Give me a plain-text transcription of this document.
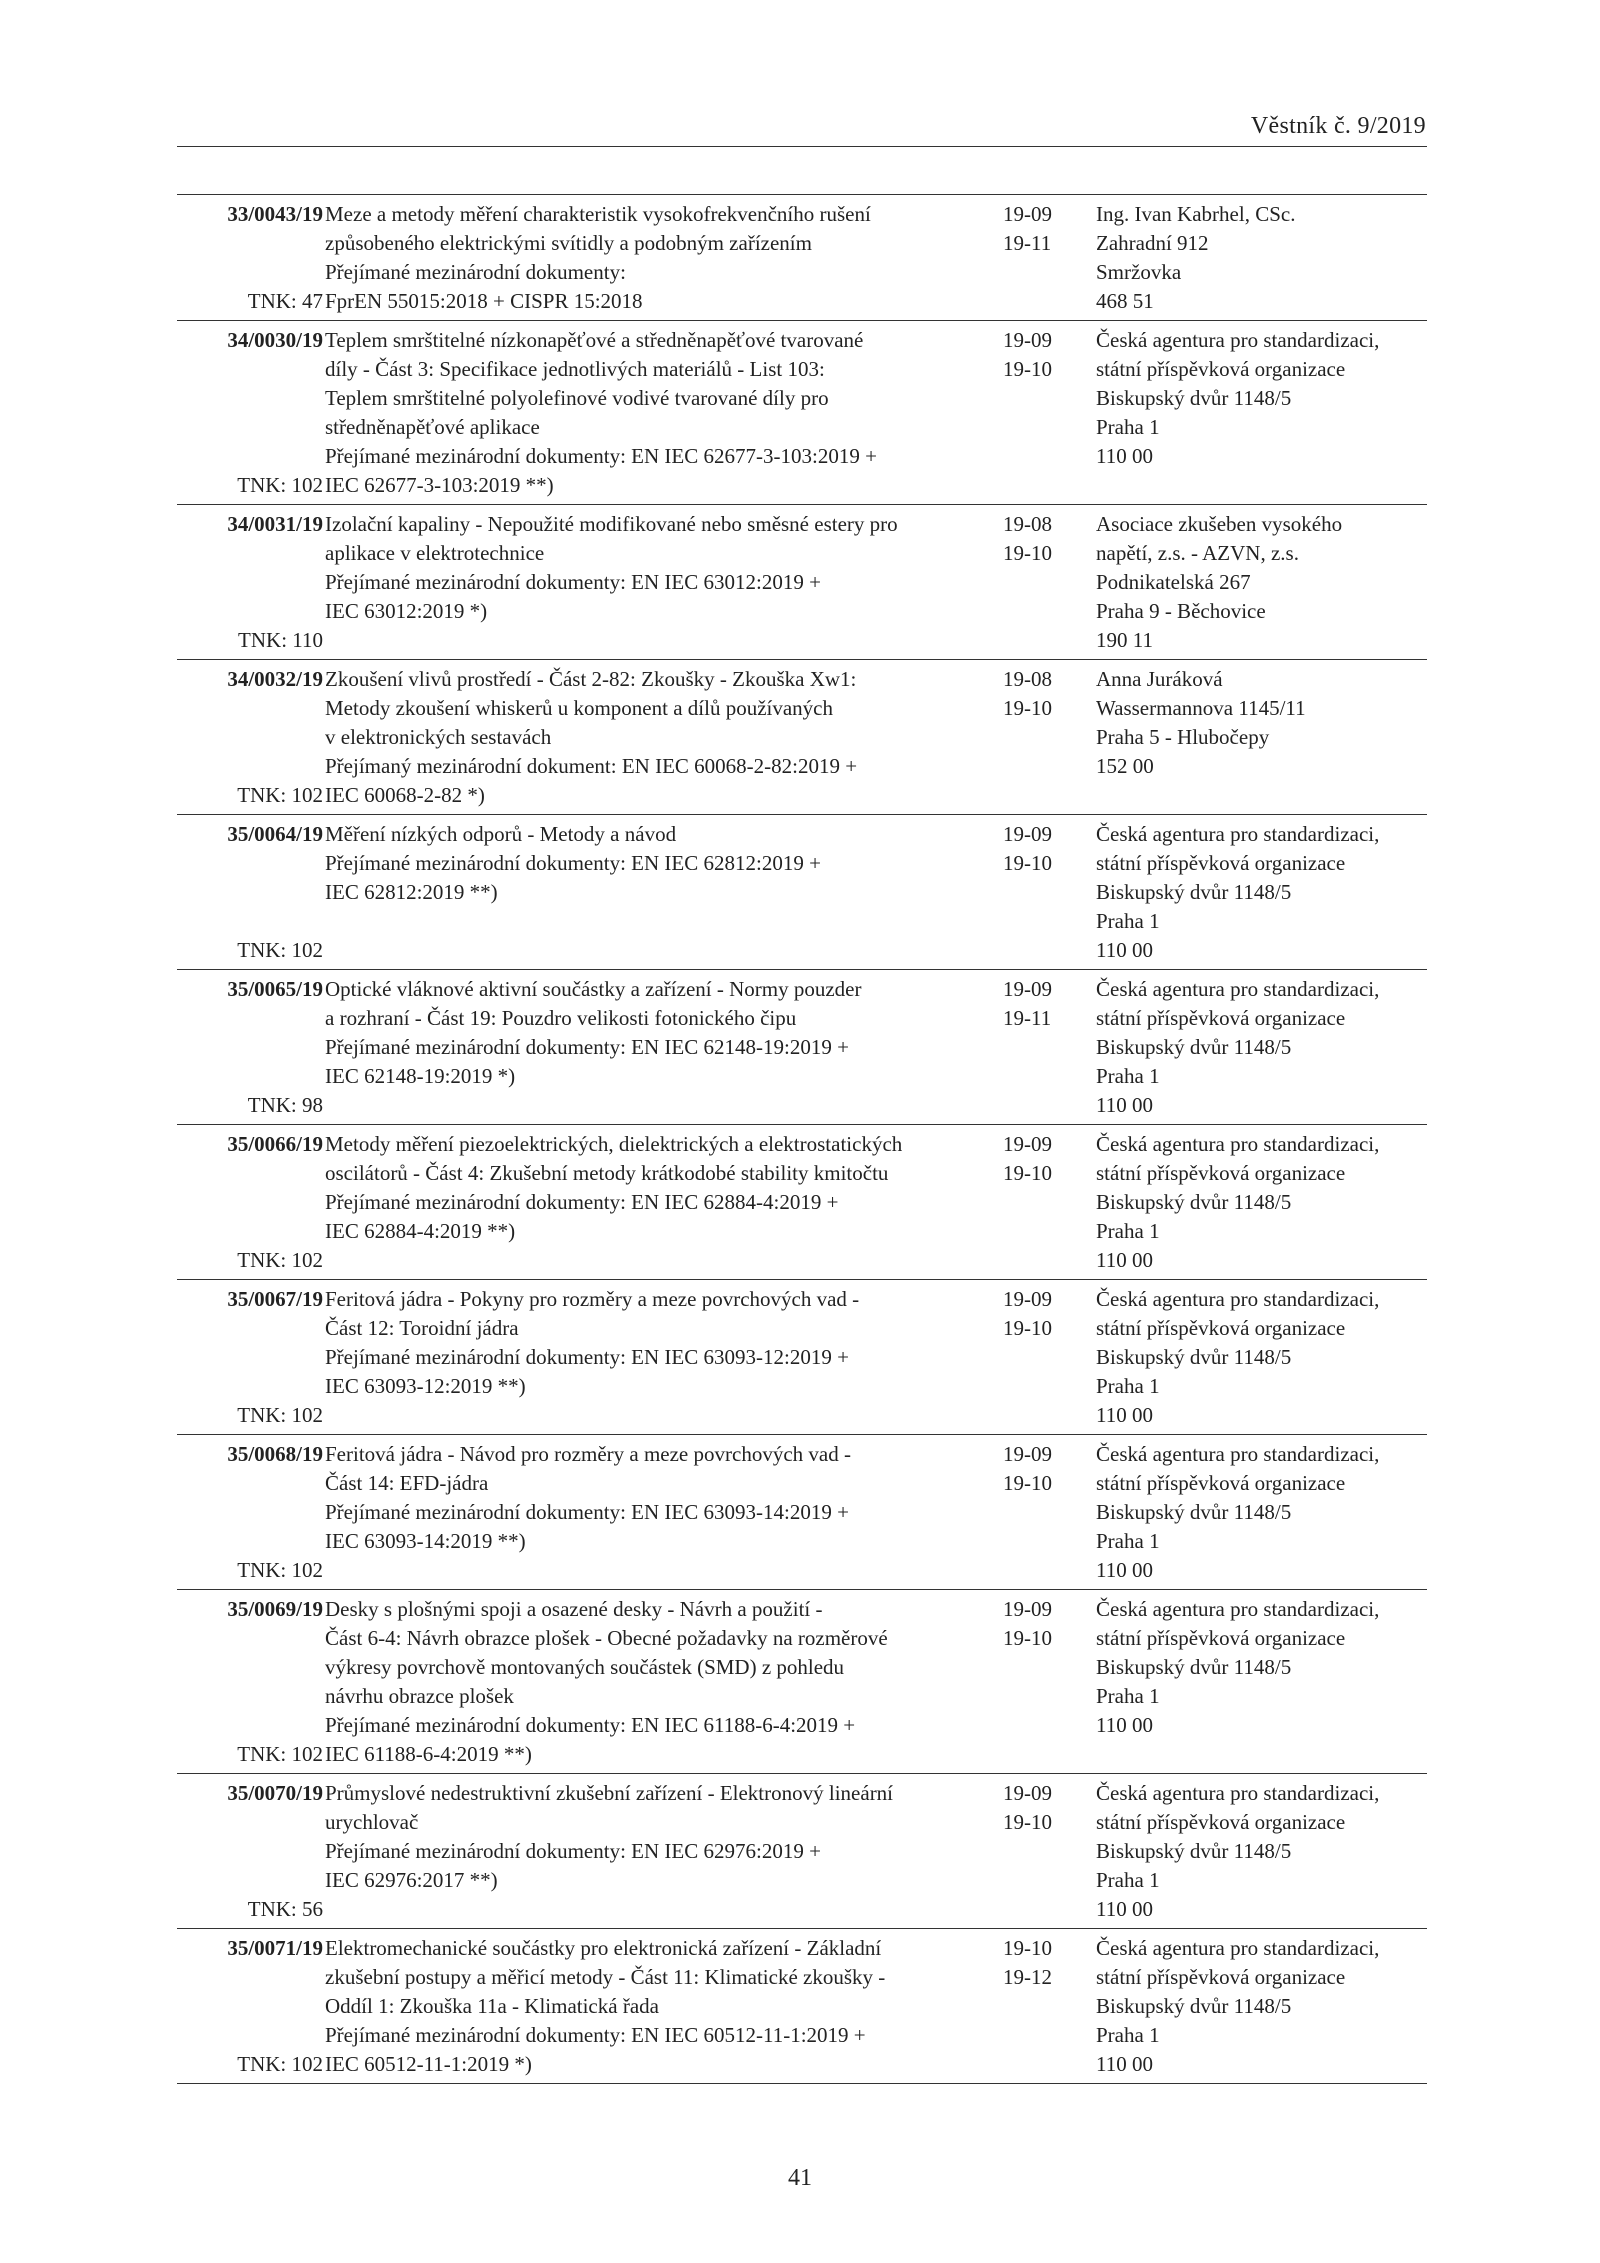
Věstník č. 9/2019
33/0043/19
TNK: 47
Meze a metody měření charakteristik vysokofrekvenčního rušení
způsobeného elektrickými svítidly a podobným zařízením
Přejímané mezinárodní dokumenty:
FprEN 55015:2018 + CISPR 15:2018
19-09
19-11
Ing. Ivan Kabrhel, CSc.
Zahradní 912
Smržovka
468 51
34/0030/19
TNK: 102
Teplem smrštitelné nízkonapěťové a středněnapěťové tvarované
díly - Část 3: Specifikace jednotlivých materiálů - List 103:
Teplem smrštitelné polyolefinové vodivé tvarované díly pro
středněnapěťové aplikace
Přejímané mezinárodní dokumenty: EN IEC 62677-3-103:2019 +
IEC 62677-3-103:2019 **)
19-09
19-10
Česká agentura pro standardizaci,
státní příspěvková organizace
Biskupský dvůr 1148/5
Praha 1
110 00
34/0031/19
TNK: 110
Izolační kapaliny - Nepoužité modifikované nebo směsné estery pro
aplikace v elektrotechnice
Přejímané mezinárodní dokumenty: EN IEC 63012:2019 +
IEC 63012:2019 *)
19-08
19-10
Asociace zkušeben vysokého
napětí, z.s. - AZVN, z.s.
Podnikatelská 267
Praha 9 - Běchovice
190 11
34/0032/19
TNK: 102
Zkoušení vlivů prostředí - Část 2-82: Zkoušky - Zkouška Xw1:
Metody zkoušení whiskerů u komponent a dílů používaných
v elektronických sestavách
Přejímaný mezinárodní dokument: EN IEC 60068-2-82:2019 +
IEC 60068-2-82 *)
19-08
19-10
Anna Juráková
Wassermannova 1145/11
Praha 5 - Hlubočepy
152 00
35/0064/19
TNK: 102
Měření nízkých odporů - Metody a návod
Přejímané mezinárodní dokumenty: EN IEC 62812:2019 +
IEC 62812:2019 **)
19-09
19-10
Česká agentura pro standardizaci,
státní příspěvková organizace
Biskupský dvůr 1148/5
Praha 1
110 00
35/0065/19
TNK: 98
Optické vláknové aktivní součástky a zařízení - Normy pouzder
a rozhraní - Část 19: Pouzdro velikosti fotonického čipu
Přejímané mezinárodní dokumenty: EN IEC 62148-19:2019 +
IEC 62148-19:2019 *)
19-09
19-11
Česká agentura pro standardizaci,
státní příspěvková organizace
Biskupský dvůr 1148/5
Praha 1
110 00
35/0066/19
TNK: 102
Metody měření piezoelektrických, dielektrických a elektrostatických
oscilátorů - Část 4: Zkušební metody krátkodobé stability kmitočtu
Přejímané mezinárodní dokumenty: EN IEC 62884-4:2019 +
IEC 62884-4:2019 **)
19-09
19-10
Česká agentura pro standardizaci,
státní příspěvková organizace
Biskupský dvůr 1148/5
Praha 1
110 00
35/0067/19
TNK: 102
Feritová jádra - Pokyny pro rozměry a meze povrchových vad -
Část 12: Toroidní jádra
Přejímané mezinárodní dokumenty: EN IEC 63093-12:2019 +
IEC 63093-12:2019 **)
19-09
19-10
Česká agentura pro standardizaci,
státní příspěvková organizace
Biskupský dvůr 1148/5
Praha 1
110 00
35/0068/19
TNK: 102
Feritová jádra - Návod pro rozměry a meze povrchových vad -
Část 14: EFD-jádra
Přejímané mezinárodní dokumenty: EN IEC 63093-14:2019 +
IEC 63093-14:2019 **)
19-09
19-10
Česká agentura pro standardizaci,
státní příspěvková organizace
Biskupský dvůr 1148/5
Praha 1
110 00
35/0069/19
TNK: 102
Desky s plošnými spoji a osazené desky - Návrh a použití -
Část 6-4: Návrh obrazce plošek - Obecné požadavky na rozměrové
výkresy povrchově montovaných součástek (SMD) z pohledu
návrhu obrazce plošek
Přejímané mezinárodní dokumenty: EN IEC 61188-6-4:2019 +
IEC 61188-6-4:2019 **)
19-09
19-10
Česká agentura pro standardizaci,
státní příspěvková organizace
Biskupský dvůr 1148/5
Praha 1
110 00
35/0070/19
TNK: 56
Průmyslové nedestruktivní zkušební zařízení - Elektronový lineární
urychlovač
Přejímané mezinárodní dokumenty: EN IEC 62976:2019 +
IEC 62976:2017 **)
19-09
19-10
Česká agentura pro standardizaci,
státní příspěvková organizace
Biskupský dvůr 1148/5
Praha 1
110 00
35/0071/19
TNK: 102
Elektromechanické součástky pro elektronická zařízení - Základní
zkušební postupy a měřicí metody - Část 11: Klimatické zkoušky -
Oddíl 1: Zkouška 11a - Klimatická řada
Přejímané mezinárodní dokumenty: EN IEC 60512-11-1:2019 +
IEC 60512-11-1:2019 *)
19-10
19-12
Česká agentura pro standardizaci,
státní příspěvková organizace
Biskupský dvůr 1148/5
Praha 1
110 00
41
